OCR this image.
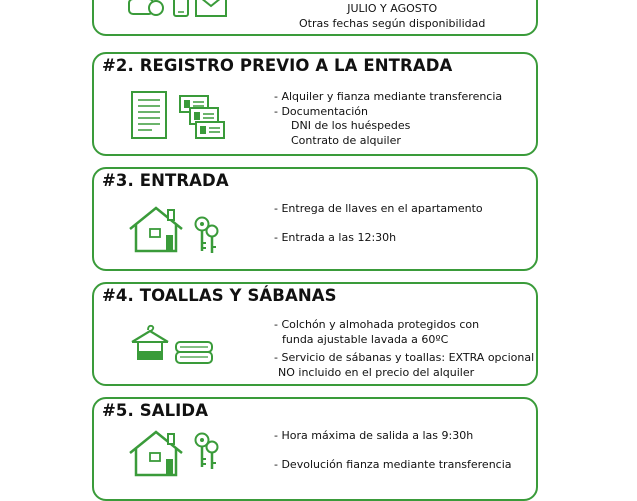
JULIO Y AGOSTO
Otras fechas según disponibilidad
#2. REGISTRO PREVIO A LA ENTRADA
- Alquiler y fianza mediante transferencia
- Documentación
DNI de los huéspedes
Contrato de alquiler
#3. ENTRADA
- Entrega de llaves en el apartamento
- Entrada a las 12:30h
#4. TOALLAS Y SÁBANAS
- Colchón y almohada protegidos con
funda ajustable lavada a 60ºC
- Servicio de sábanas y toallas: EXTRA opcional
NO incluido en el precio del alquiler
#5. SALIDA
- Hora máxima de salida a las 9:30h
- Devolución fianza mediante transferencia
